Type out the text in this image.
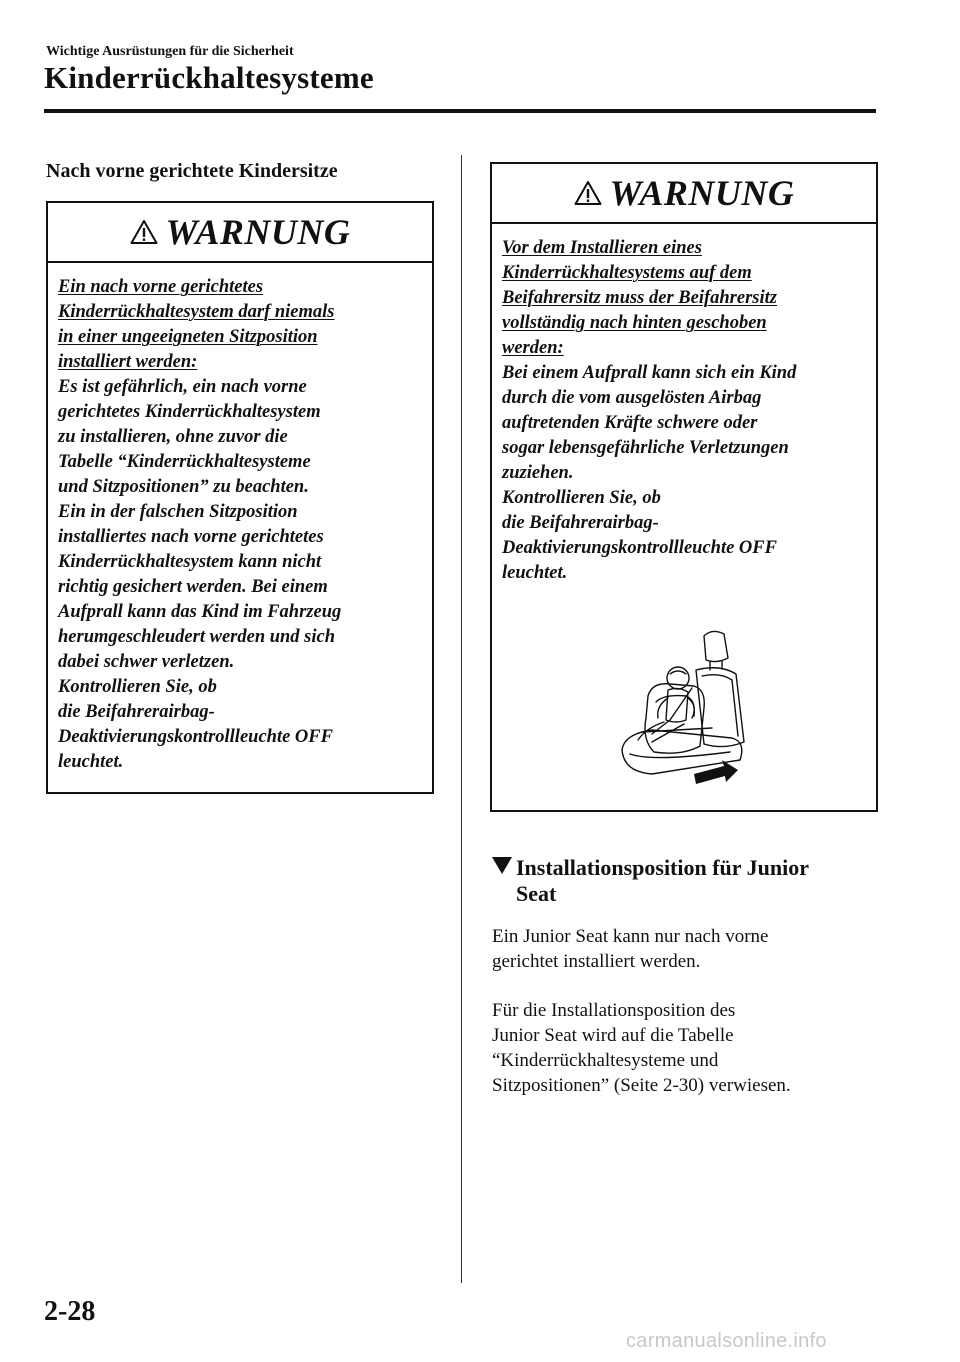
Wichtige Ausrüstungen für die Sicherheit
Kinderrückhaltesysteme
Nach vorne gerichtete Kindersitze
WARNUNG
Ein nach vorne gerichtetes
Kinderrückhaltesystem darf niemals
in einer ungeeigneten Sitzposition
installiert werden:
Es ist gefährlich, ein nach vorne
gerichtetes Kinderrückhaltesystem
zu installieren, ohne zuvor die
Tabelle “Kinderrückhaltesysteme
und Sitzpositionen” zu beachten.
Ein in der falschen Sitzposition
installiertes nach vorne gerichtetes
Kinderrückhaltesystem kann nicht
richtig gesichert werden. Bei einem
Aufprall kann das Kind im Fahrzeug
herumgeschleudert werden und sich
dabei schwer verletzen.
Kontrollieren Sie, ob
die Beifahrerairbag-
Deaktivierungskontrollleuchte OFF
leuchtet.
WARNUNG
Vor dem Installieren eines
Kinderrückhaltesystems auf dem
Beifahrersitz muss der Beifahrersitz
vollständig nach hinten geschoben
werden:
Bei einem Aufprall kann sich ein Kind
durch die vom ausgelösten Airbag
auftretenden Kräfte schwere oder
sogar lebensgefährliche Verletzungen
zuziehen.
Kontrollieren Sie, ob
die Beifahrerairbag-
Deaktivierungskontrollleuchte OFF
leuchtet.
Installationsposition für Junior
Seat
Ein Junior Seat kann nur nach vorne
gerichtet installiert werden.
Für die Installationsposition des
Junior Seat wird auf die Tabelle
“Kinderrückhaltesysteme und
Sitzpositionen” (Seite 2-30) verwiesen.
2-28
carmanualsonline.info
